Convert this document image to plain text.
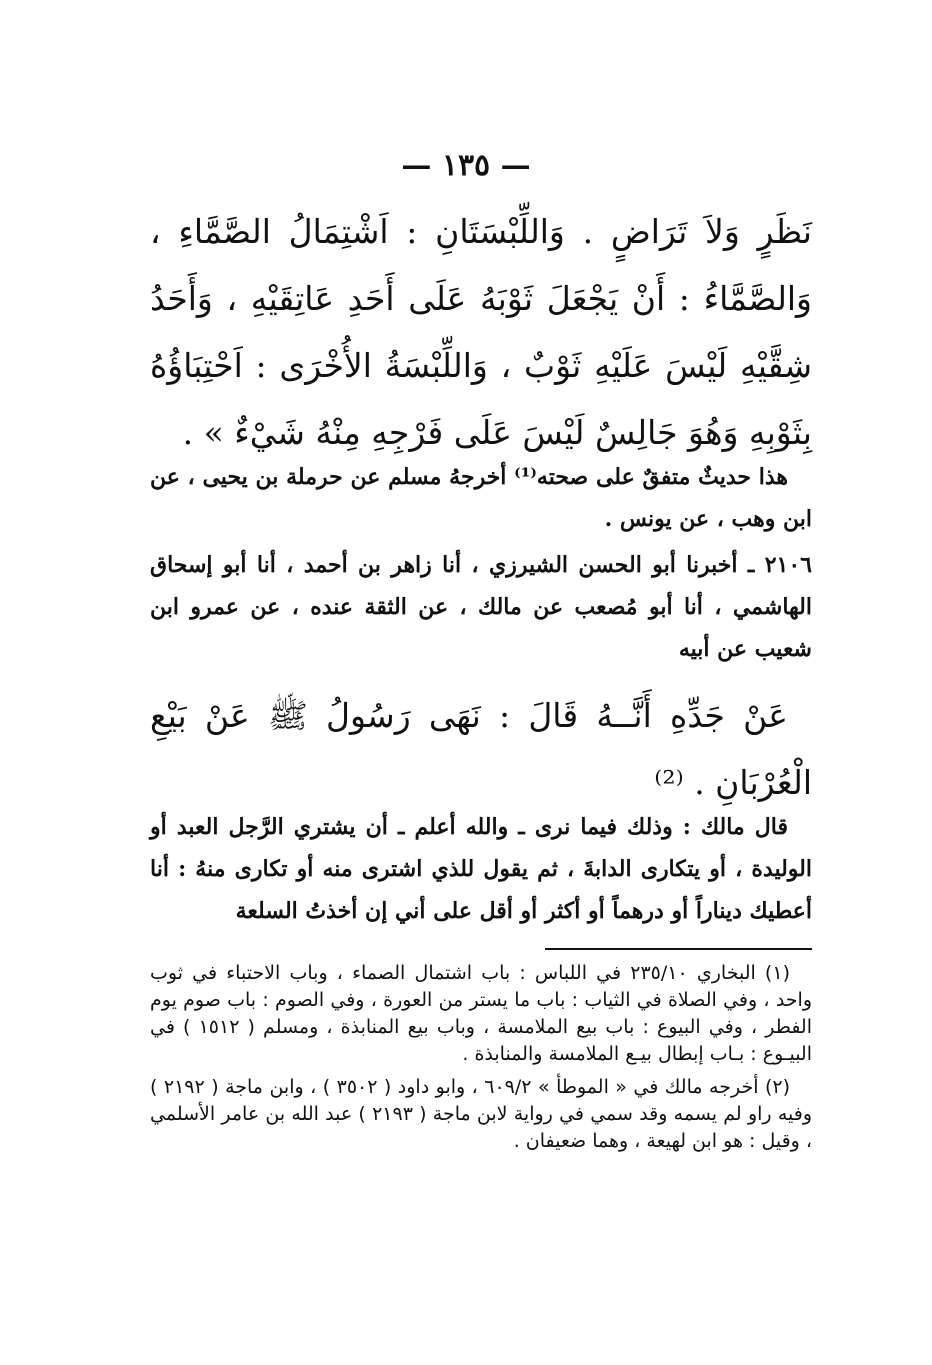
— ١٣٥ —

نَظَرٍ وَلاَ تَرَاضٍ . وَاللِّبْسَتَانِ : اَشْتِمَالُ الصَّمَّاءِ ، وَالصَّمَّاءُ : أَنْ يَجْعَلَ ثَوْبَهُ عَلَى أَحَدِ عَاتِقَيْهِ ، وَأَحَدُ شِقَّيْهِ لَيْسَ عَلَيْهِ ثَوْبٌ ، وَاللِّبْسَةُ الأُخْرَى : اَحْتِبَاؤُهُ بِثَوْبِهِ وَهُوَ جَالِسٌ لَيْسَ عَلَى فَرْجِهِ مِنْهُ شَيْءٌ » .

هذا حديثٌ متفقٌ على صحته⁽¹⁾ أخرجهُ مسلم عن حرملة بن يحيى ، عن ابن وهب ، عن يونس .

٢١٠٦ ـ أخبرنا أبو الحسن الشيرزي ، أنا زاهر بن أحمد ، أنا أبو إسحاق الهاشمي ، أنا أبو مُصعب عن مالك ، عن الثقة عنده ، عن عمرو ابن شعيب عن أبيه

عَنْ جَدِّهِ أَنَّــهُ قَالَ : نَهَى رَسُولُ ﷺ عَنْ بَيْعِ الْعُرْبَانِ . ⁽²⁾

قال مالك : وذلك فيما نرى ـ والله أعلم ـ أن يشتري الرَّجل العبد أو الوليدة ، أو يتكارى الدابةَ ، ثم يقول للذي اشترى منه أو تكارى منهُ : أنا أعطيك ديناراً أو درهماً أو أكثر أو أقل على أني إن أخذتُ السلعة

(١) البخاري ٢٣٥/١٠ في اللباس : باب اشتمال الصماء ، وباب الاحتباء في ثوب واحد ، وفي الصلاة في الثياب : باب ما يستر من العورة ، وفي الصوم : باب صوم يوم الفطر ، وفي البيوع : باب بيع الملامسة ، وباب بيع المنابذة ، ومسلم ( ١٥١٢ ) في البيـوع : بـاب إبطال بيـع الملامسة والمنابذة .

(٢) أخرجه مالك في « الموطأ » ٦٠٩/٢ ، وابو داود ( ٣٥٠٢ ) ، وابن ماجة ( ٢١٩٢ ) وفيه راو لم يسمه وقد سمي في رواية لابن ماجة ( ٢١٩٣ ) عبد الله بن عامر الأسلمي ، وقيل : هو ابن لهيعة ، وهما ضعيفان .
